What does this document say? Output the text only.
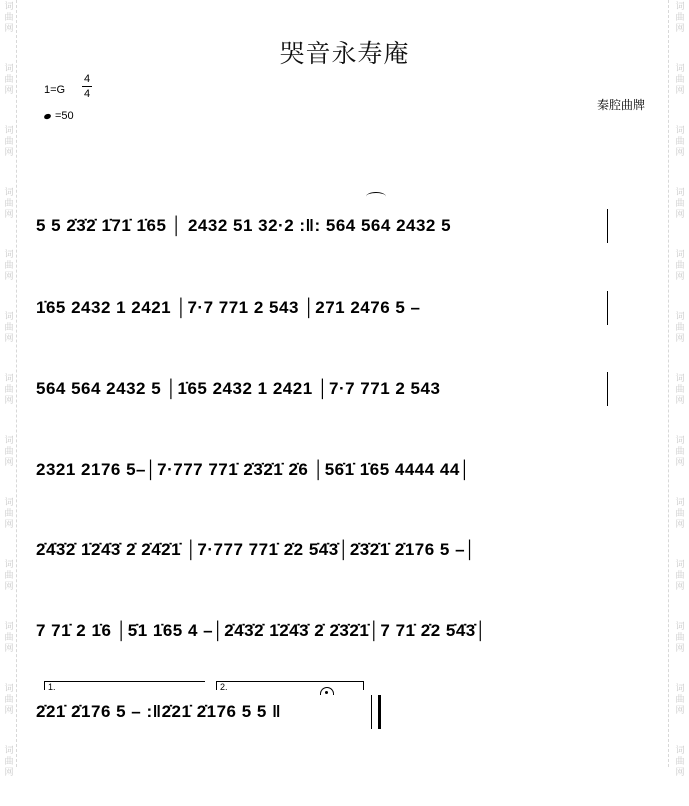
词
曲
网
词
曲
网
词
曲
网
词
曲
网
词
曲
网
词
曲
网
词
曲
网
词
曲
网
词
曲
网
词
曲
网
词
曲
网
词
曲
网
词
曲
网
词
曲
网
词
曲
网
词
曲
网
词
曲
网
词
曲
网
词
曲
网
词
曲
网
词
曲
网
词
曲
网
词
曲
网
词
曲
网
词
曲
网
词
曲
网
哭音永寿庵
1=G
4
4
=50
秦腔曲牌
5 5 2̇3̇2̇ 1̇71̇ 1̇65 │ 2432 51 32·2 :‖: 564 564 2432 5
1̇65 2432 1 2421 │7·7 771 2 543 │271 2476 5 –
564 564 2432 5 │1̇65 2432 1 2421 │7·7 771 2 543
2321 2176 5–│7·777 771̇ 2̇3̇2̇1̇ 2̇6 │56̇1̇ 1̇65 4444 44│
2̇4̇3̇2̇ 1̇2̇4̇3̇ 2̇ 2̇4̇2̇1̇ │7·777 771̇ 2̇2 5̇4̇3̇│2̇3̇2̇1̇ 2̇176 5 –│
7 71̇ 2 1̇6 │5̇1 1̇65 4 –│2̇4̇3̇2̇ 1̇2̇4̇3̇ 2̇ 2̇3̇2̇1̇│7 71̇ 2̇2 5̇4̇3̇│
2̇21̇ 2̇176 5 – :‖2̇21̇ 2̇176 5 5 ‖
1.	2.
